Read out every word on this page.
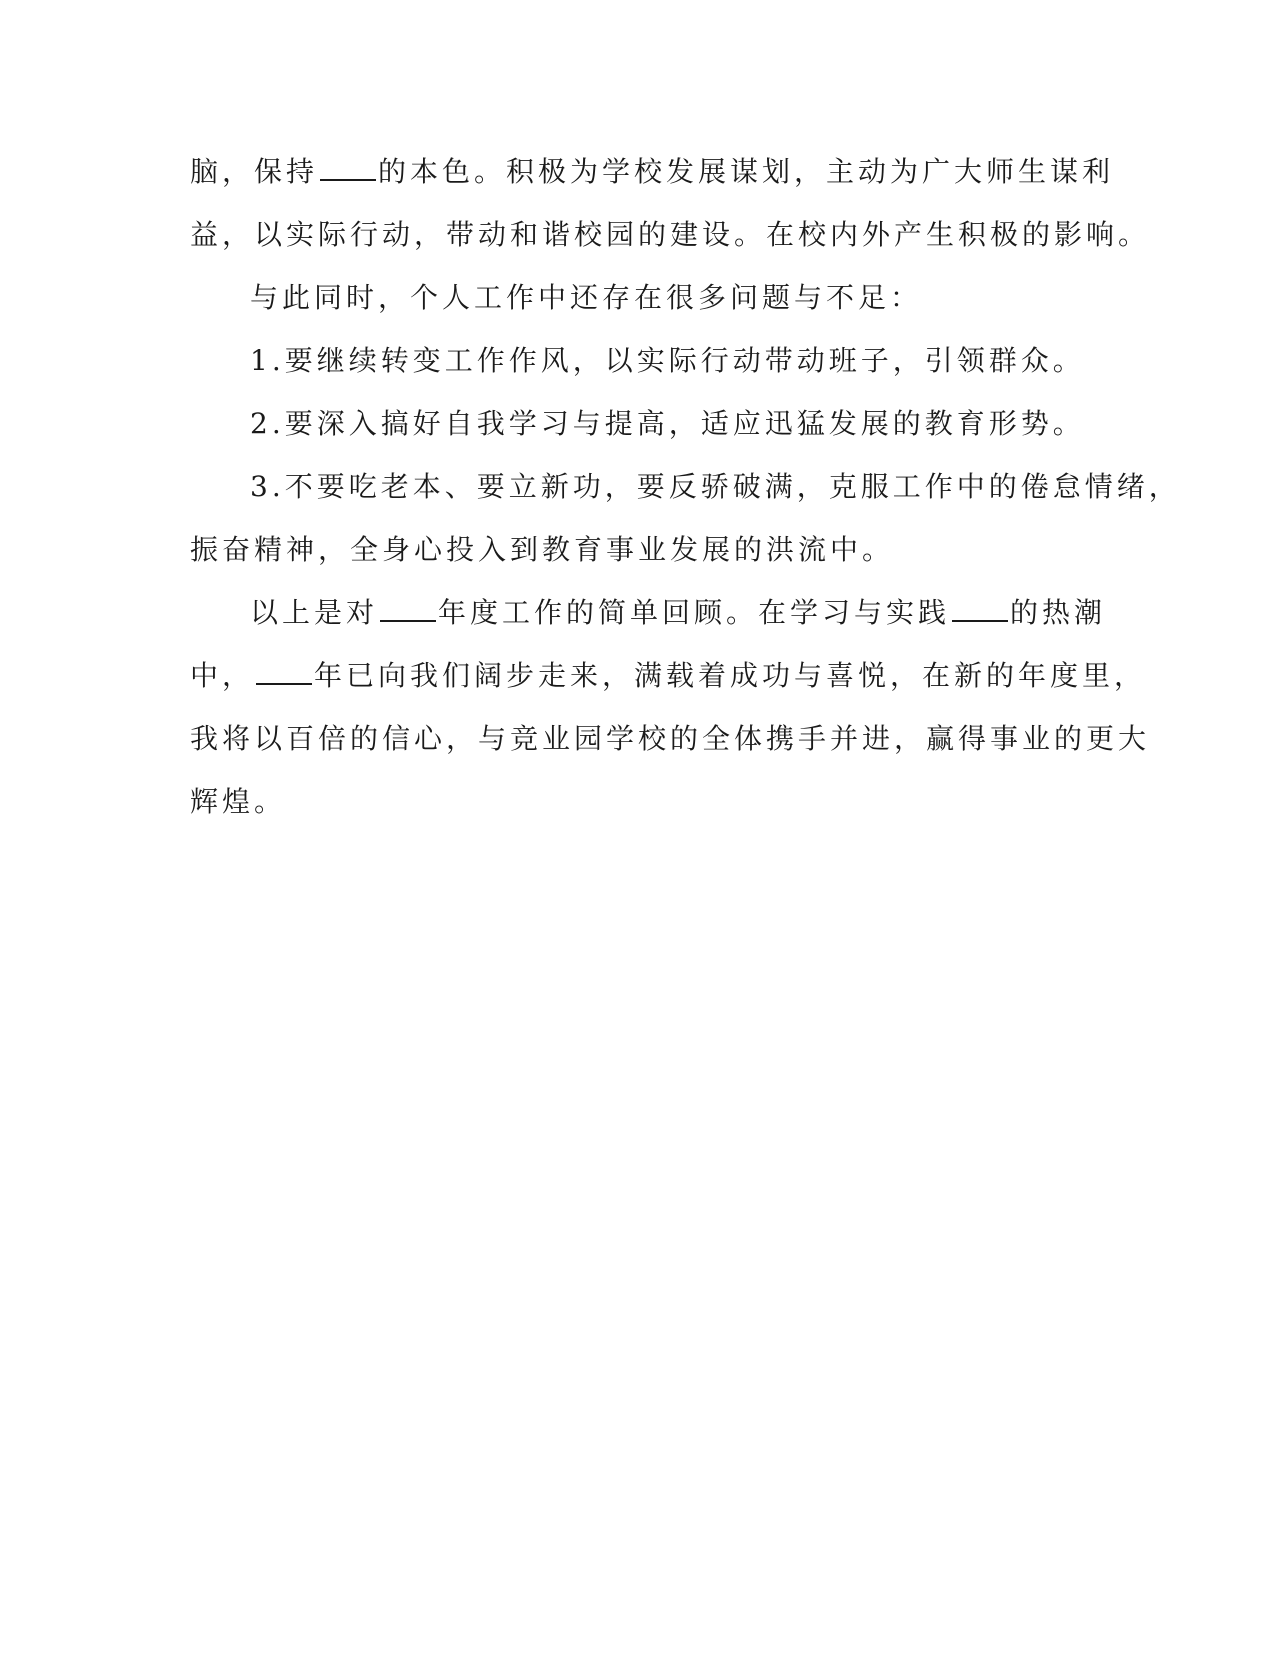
脑，保持 的本色。积极为学校发展谋划，主动为广大师生谋利
益，以实际行动，带动和谐校园的建设。在校内外产生积极的影响。
与此同时，个人工作中还存在很多问题与不足：
1.要继续转变工作作风，以实际行动带动班子，引领群众。
2.要深入搞好自我学习与提高，适应迅猛发展的教育形势。
3.不要吃老本、要立新功，要反骄破满，克服工作中的倦怠情绪，
振奋精神，全身心投入到教育事业发展的洪流中。
以上是对 年度工作的简单回顾。在学习与实践 的热潮
中， 年已向我们阔步走来，满载着成功与喜悦，在新的年度里，
我将以百倍的信心，与竞业园学校的全体携手并进，赢得事业的更大
辉煌。
